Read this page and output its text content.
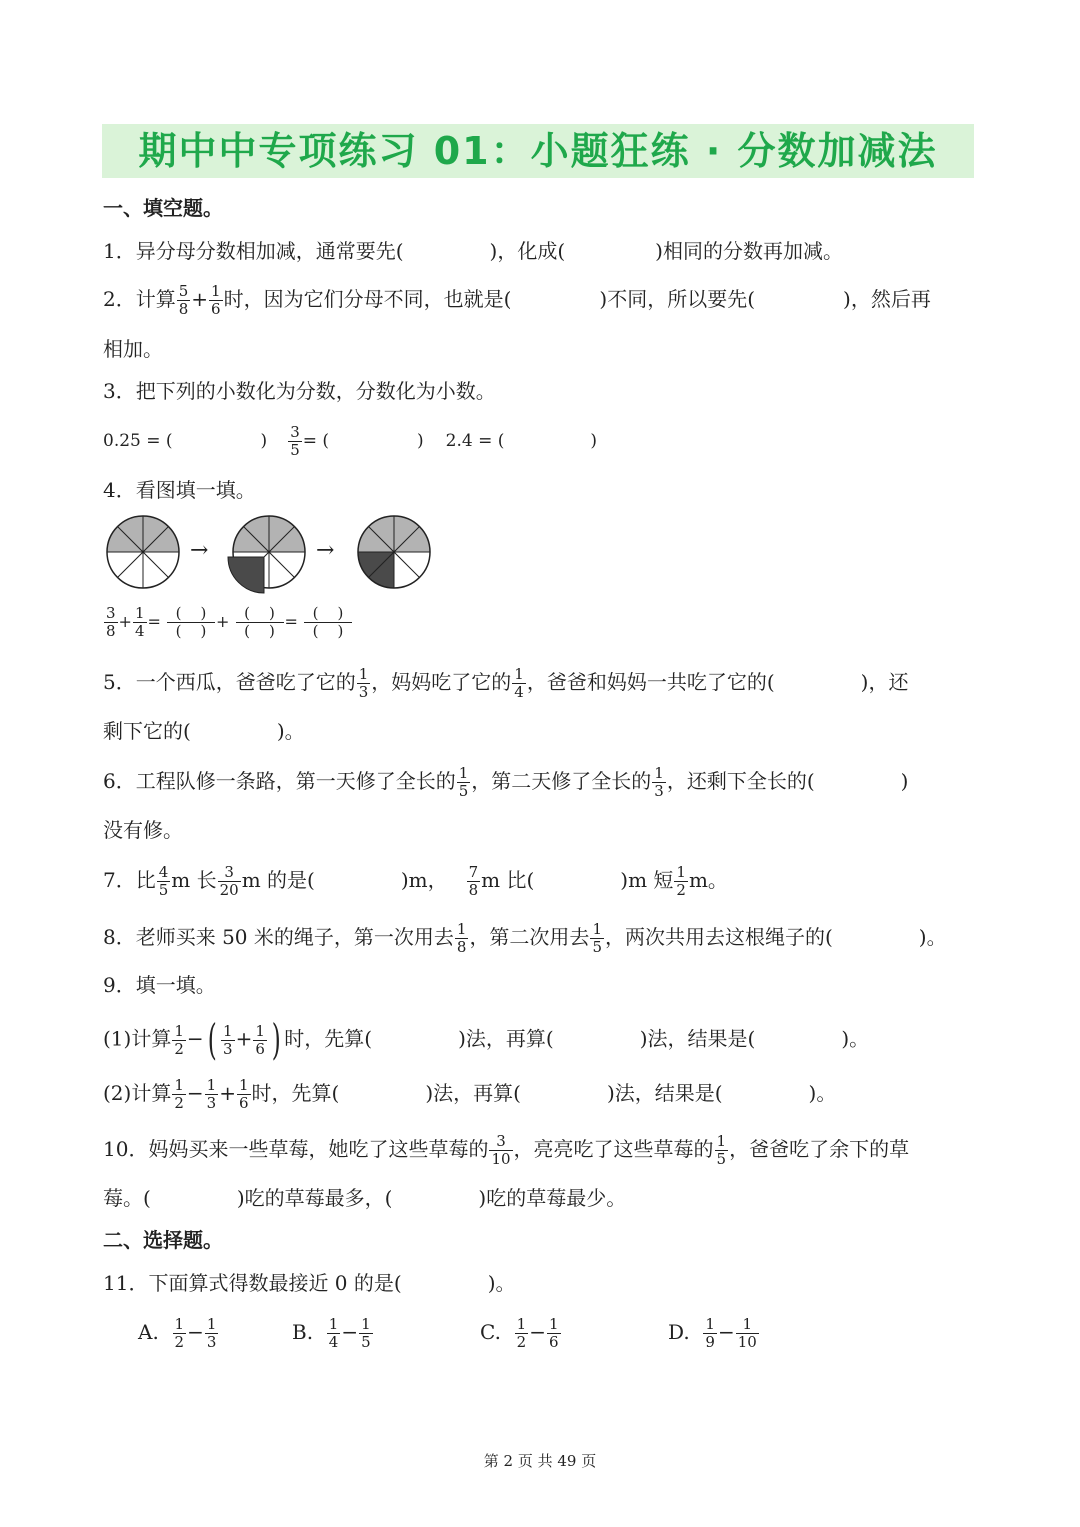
期中中专项练习 01：小题狂练 · 分数加减法
一、填空题。
1．异分母分数相加减，通常要先(	)，化成(	)相同的分数再加减。
2．计算 $\frac{5}{8} + \frac{1}{6}$ 时，因为它们分母不同，也就是(	)不同，所以要先(	)，然后再
相加。
3．把下列的小数化为分数，分数化为小数。
0.25 = (	) $\frac{3}{5}$ = (	) 2.4 = (	)
4．看图填一填。
→	→
$\frac{3}{8} + \frac{1}{4} = \frac{( )}{( )} + \frac{( )}{( )} = \frac{( )}{( )}$
5．一个西瓜，爸爸吃了它的 $\frac{1}{3}$ ，妈妈吃了它的 $\frac{1}{4}$ ，爸爸和妈妈一共吃了它的(	)，还
剩下它的(	)。
6．工程队修一条路，第一天修了全长的 $\frac{1}{5}$ ，第二天修了全长的 $\frac{1}{3}$ ，还剩下全长的(	)
没有修。
7．比 $\frac{4}{5}$ m 长 $\frac{3}{20}$ m 的是(	)m， $\frac{7}{8}$ m 比(	)m 短 $\frac{1}{2}$ m。
8．老师买来 50 米的绳子，第一次用去 $\frac{1}{8}$ ，第二次用去 $\frac{1}{5}$ ，两次共用去这根绳子的(	)。
9．填一填。
(1)计算 $\frac{1}{2}$ −( $\frac{1}{3} + \frac{1}{6}$ ) 时，先算(	)法，再算(	)法，结果是(	)。
(2)计算 $\frac{1}{2} - \frac{1}{3} + \frac{1}{6}$ 时，先算(	)法，再算(	)法，结果是(	)。
10．妈妈买来一些草莓，她吃了这些草莓的 $\frac{3}{10}$ ，亮亮吃了这些草莓的 $\frac{1}{5}$ ，爸爸吃了余下的草
莓。(	)吃的草莓最多，(	)吃的草莓最少。
二、选择题。
11．下面算式得数最接近 0 的是(	)。
A. $\frac{1}{2} - \frac{1}{3}$	B. $\frac{1}{4} - \frac{1}{5}$	C. $\frac{1}{2} - \frac{1}{6}$	D. $\frac{1}{9} - \frac{1}{10}$
第 2 页 共 49 页
